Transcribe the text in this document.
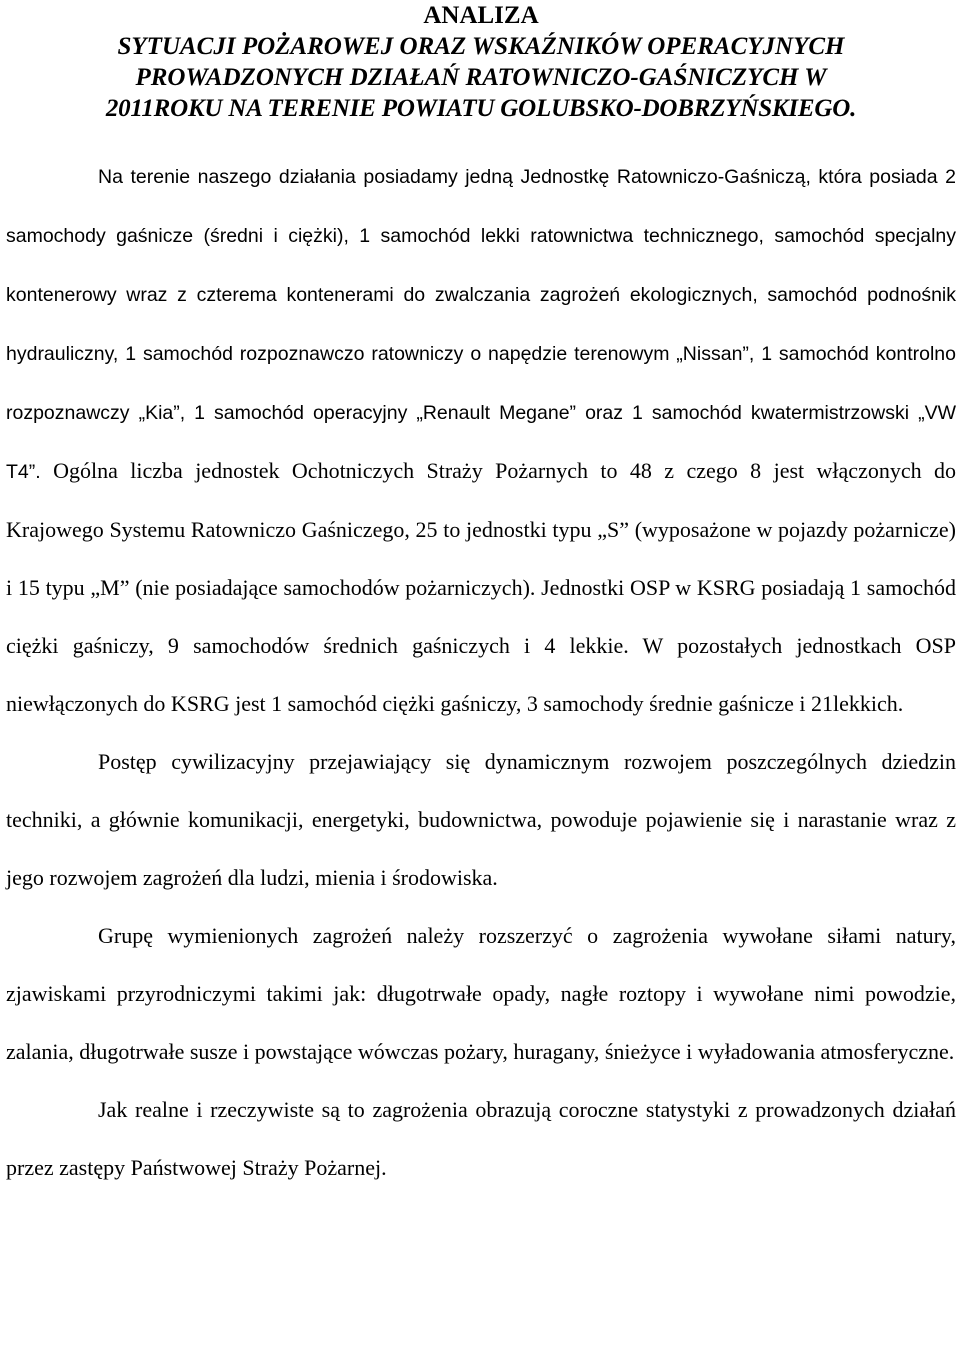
ANALIZA
SYTUACJI POŻAROWEJ ORAZ WSKAŹNIKÓW OPERACYJNYCH
PROWADZONYCH DZIAŁAŃ RATOWNICZO-GAŚNICZYCH W
2011ROKU NA TERENIE POWIATU GOLUBSKO-DOBRZYŃSKIEGO.

Na terenie naszego działania posiadamy jedną Jednostkę Ratowniczo-Gaśniczą, która posiada 2 samochody gaśnicze (średni i ciężki), 1 samochód lekki ratownictwa technicznego, samochód specjalny kontenerowy wraz z czterema kontenerami do zwalczania zagrożeń ekologicznych, samochód podnośnik hydrauliczny, 1 samochód rozpoznawczo ratowniczy o napędzie terenowym „Nissan”, 1 samochód kontrolno rozpoznawczy „Kia”, 1 samochód operacyjny „Renault Megane” oraz 1 samochód kwatermistrzowski „VW T4”. Ogólna liczba jednostek Ochotniczych Straży Pożarnych to 48 z czego 8 jest włączonych do Krajowego Systemu Ratowniczo Gaśniczego, 25 to jednostki typu „S” (wyposażone w pojazdy pożarnicze) i 15 typu „M” (nie posiadające samochodów pożarniczych). Jednostki OSP w KSRG posiadają 1 samochód ciężki gaśniczy, 9 samochodów średnich gaśniczych i 4 lekkie. W pozostałych jednostkach OSP niewłączonych do KSRG jest 1 samochód ciężki gaśniczy, 3 samochody średnie gaśnicze i 21lekkich.

Postęp cywilizacyjny przejawiający się dynamicznym rozwojem poszczególnych dziedzin techniki, a głównie komunikacji, energetyki, budownictwa, powoduje pojawienie się i narastanie wraz z jego rozwojem zagrożeń dla ludzi, mienia i środowiska.

Grupę wymienionych zagrożeń należy rozszerzyć o zagrożenia wywołane siłami natury, zjawiskami przyrodniczymi takimi jak: długotrwałe opady, nagłe roztopy i wywołane nimi powodzie, zalania, długotrwałe susze i powstające wówczas pożary, huragany, śnieżyce i wyładowania atmosferyczne.

Jak realne i rzeczywiste są to zagrożenia obrazują coroczne statystyki z prowadzonych działań przez zastępy Państwowej Straży Pożarnej.
